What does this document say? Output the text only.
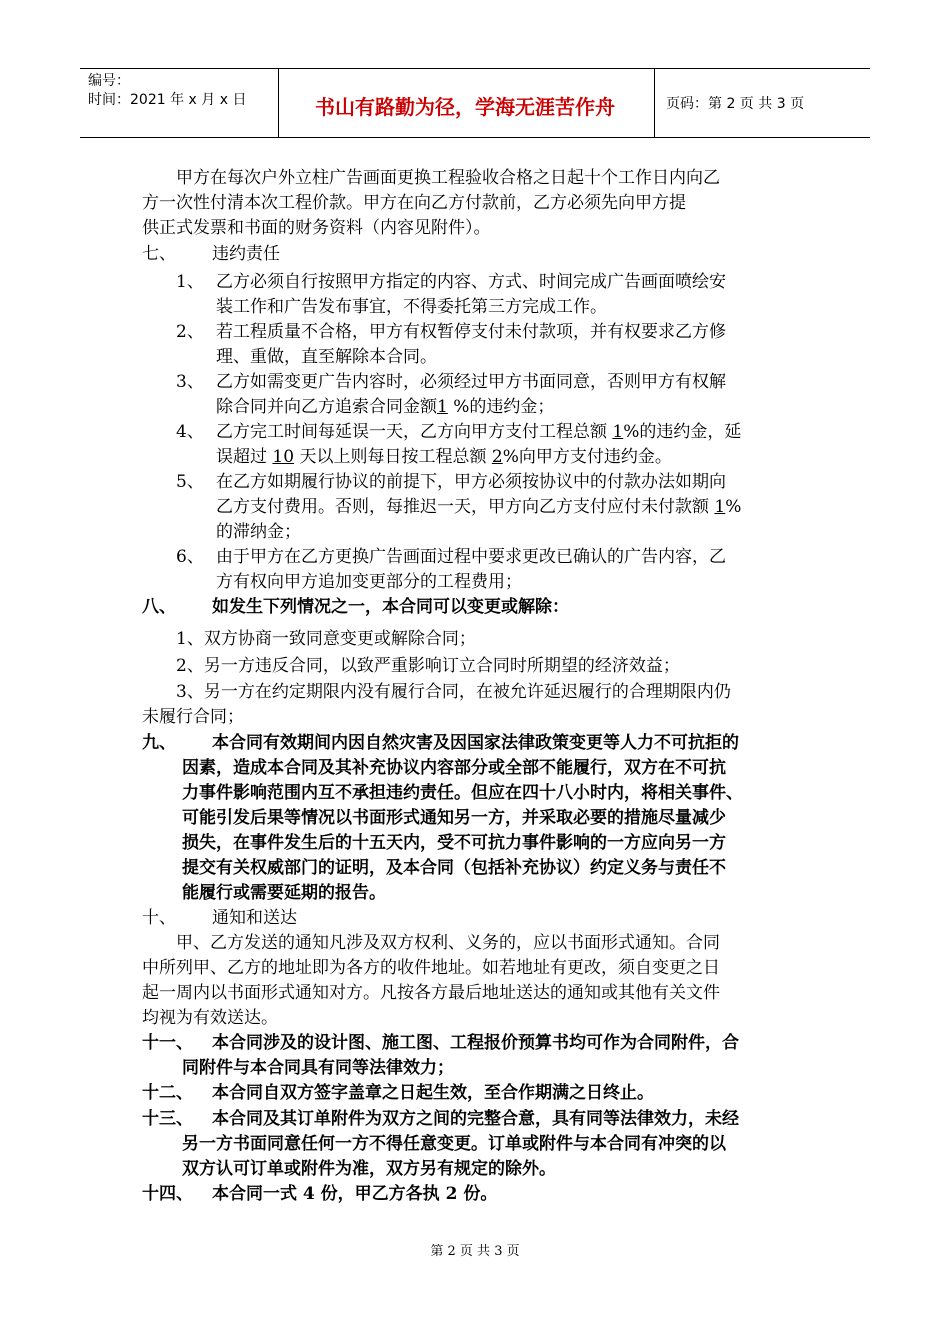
编号：
时间：2021 年 x 月 x 日	书山有路勤为径，学海无涯苦作舟	页码：第 2 页 共 3 页
甲方在每次户外立柱广告画面更换工程验收合格之日起十个工作日内向乙
方一次性付清本次工程价款。甲方在向乙方付款前，乙方必须先向甲方提
供正式发票和书面的财务资料（内容见附件）。
七、 违约责任
1、 乙方必须自行按照甲方指定的内容、方式、时间完成广告画面喷绘安
装工作和广告发布事宜，不得委托第三方完成工作。
2、 若工程质量不合格，甲方有权暂停支付未付款项，并有权要求乙方修
理、重做，直至解除本合同。
3、 乙方如需变更广告内容时，必须经过甲方书面同意，否则甲方有权解
除合同并向乙方追索合同金额1 %的违约金；
4、 乙方完工时间每延误一天，乙方向甲方支付工程总额 1%的违约金，延
误超过 10 天以上则每日按工程总额 2%向甲方支付违约金。
5、 在乙方如期履行协议的前提下，甲方必须按协议中的付款办法如期向
乙方支付费用。否则，每推迟一天，甲方向乙方支付应付未付款额 1%
的滞纳金；
6、 由于甲方在乙方更换广告画面过程中要求更改已确认的广告内容，乙
方有权向甲方追加变更部分的工程费用；
八、 如发生下列情况之一，本合同可以变更或解除：
1、双方协商一致同意变更或解除合同；
2、另一方违反合同，以致严重影响订立合同时所期望的经济效益；
3、另一方在约定期限内没有履行合同，在被允许延迟履行的合理期限内仍
未履行合同；
九、 本合同有效期间内因自然灾害及因国家法律政策变更等人力不可抗拒的
因素，造成本合同及其补充协议内容部分或全部不能履行，双方在不可抗
力事件影响范围内互不承担违约责任。但应在四十八小时内，将相关事件、
可能引发后果等情况以书面形式通知另一方，并采取必要的措施尽量减少
损失，在事件发生后的十五天内，受不可抗力事件影响的一方应向另一方
提交有关权威部门的证明，及本合同（包括补充协议）约定义务与责任不
能履行或需要延期的报告。
十、 通知和送达
甲、乙方发送的通知凡涉及双方权利、义务的，应以书面形式通知。合同
中所列甲、乙方的地址即为各方的收件地址。如若地址有更改，须自变更之日
起一周内以书面形式通知对方。凡按各方最后地址送达的通知或其他有关文件
均视为有效送达。
十一、 本合同涉及的设计图、施工图、工程报价预算书均可作为合同附件，合
同附件与本合同具有同等法律效力；
十二、 本合同自双方签字盖章之日起生效，至合作期满之日终止。
十三、 本合同及其订单附件为双方之间的完整合意，具有同等法律效力，未经
另一方书面同意任何一方不得任意变更。订单或附件与本合同有冲突的以
双方认可订单或附件为准，双方另有规定的除外。
十四、 本合同一式 4 份，甲乙方各执 2 份。
第 2 页 共 3 页
